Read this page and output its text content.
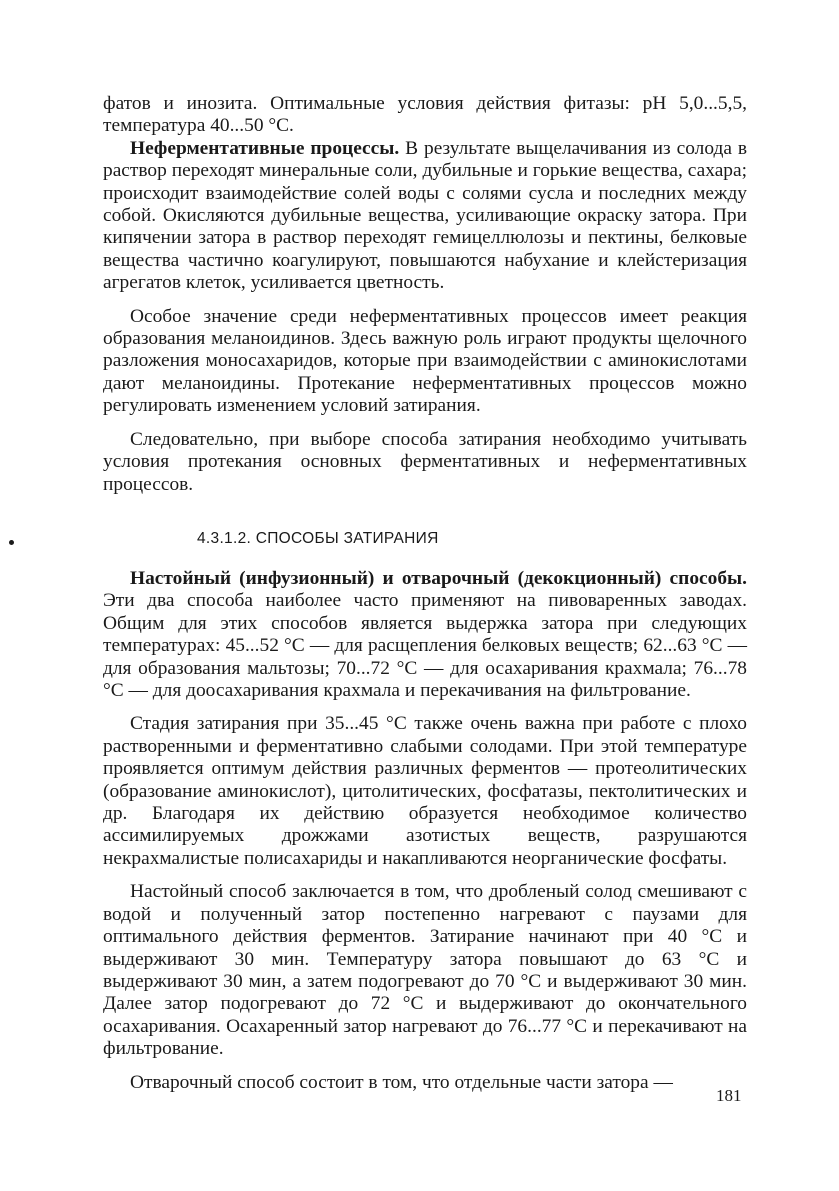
фатов и инозита. Оптимальные условия действия фитазы: рН 5,0...5,5, температура 40...50 °С.

Неферментативные процессы. В результате выщелачивания из солода в раствор переходят минеральные соли, дубильные и горькие вещества, сахара; происходит взаимодействие солей воды с солями сусла и последних между собой. Окисляются дубильные вещества, усиливающие окраску затора. При кипячении затора в раствор переходят гемицеллюлозы и пектины, белковые вещества частично коагулируют, повышаются набухание и клейстеризация агрегатов клеток, усиливается цветность.

Особое значение среди неферментативных процессов имеет реакция образования меланоидинов. Здесь важную роль играют продукты щелочного разложения моносахаридов, которые при взаимодействии с аминокислотами дают меланоидины. Протекание неферментативных процессов можно регулировать изменением условий затирания.

Следовательно, при выборе способа затирания необходимо учитывать условия протекания основных ферментативных и неферментативных процессов.

4.3.1.2. СПОСОБЫ ЗАТИРАНИЯ

Настойный (инфузионный) и отварочный (декокционный) способы. Эти два способа наиболее часто применяют на пивоваренных заводах. Общим для этих способов является выдержка затора при следующих температурах: 45...52 °С — для расщепления белковых веществ; 62...63 °С — для образования мальтозы; 70...72 °С — для осахаривания крахмала; 76...78 °С — для доосахаривания крахмала и перекачивания на фильтрование.

Стадия затирания при 35...45 °С также очень важна при работе с плохо растворенными и ферментативно слабыми солодами. При этой температуре проявляется оптимум действия различных ферментов — протеолитических (образование аминокислот), цитолитических, фосфатазы, пектолитических и др. Благодаря их действию образуется необходимое количество ассимилируемых дрожжами азотистых веществ, разрушаются некрахмалистые полисахариды и накапливаются неорганические фосфаты.

Настойный способ заключается в том, что дробленый солод смешивают с водой и полученный затор постепенно нагревают с паузами для оптимального действия ферментов. Затирание начинают при 40 °С и выдерживают 30 мин. Температуру затора повышают до 63 °С и выдерживают 30 мин, а затем подогревают до 70 °С и выдерживают 30 мин. Далее затор подогревают до 72 °С и выдерживают до окончательного осахаривания. Осахаренный затор нагревают до 76...77 °С и перекачивают на фильтрование.

Отварочный способ состоит в том, что отдельные части затора —

181
